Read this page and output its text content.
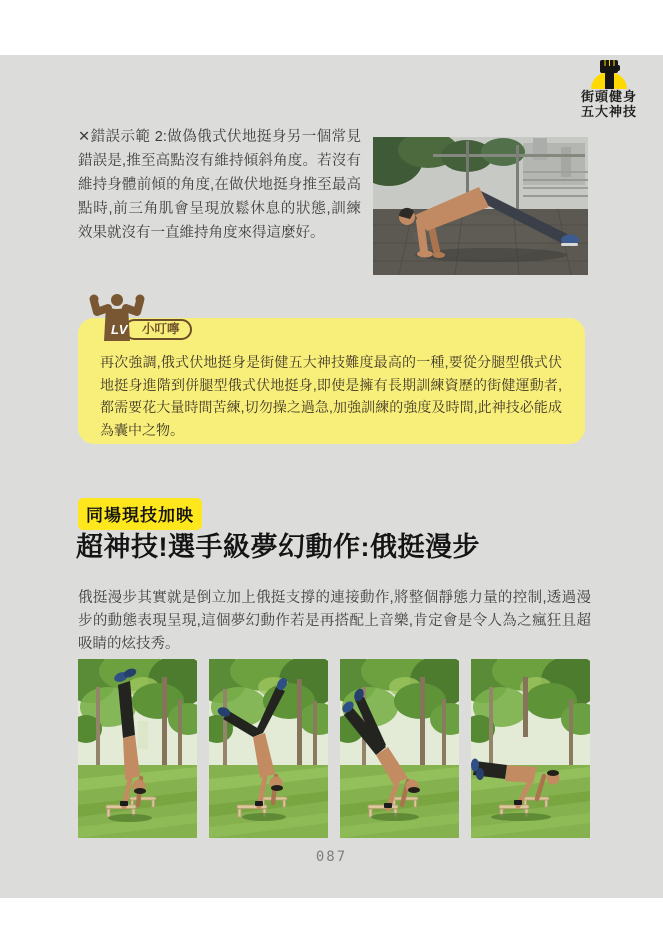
街頭健身
五大神技
✕錯誤示範 2:做偽俄式伏地挺身另一個常見錯誤是,推至高點沒有維持傾斜角度。若沒有維持身體前傾的角度,在做伏地挺身推至最高點時,前三角肌會呈現放鬆休息的狀態,訓練效果就沒有一直維持角度來得這麼好。
小叮嚀
LV
再次強調,俄式伏地挺身是街健五大神技難度最高的一種,要從分腿型俄式伏地挺身進階到併腿型俄式伏地挺身,即使是擁有長期訓練資歷的街健運動者,都需要花大量時間苦練,切勿操之過急,加強訓練的強度及時間,此神技必能成為囊中之物。
同場現技加映
超神技!選手級夢幻動作:俄挺漫步
俄挺漫步其實就是倒立加上俄挺支撐的連接動作,將整個靜態力量的控制,透過漫步的動態表現呈現,這個夢幻動作若是再搭配上音樂,肯定會是令人為之瘋狂且超吸睛的炫技秀。
087
